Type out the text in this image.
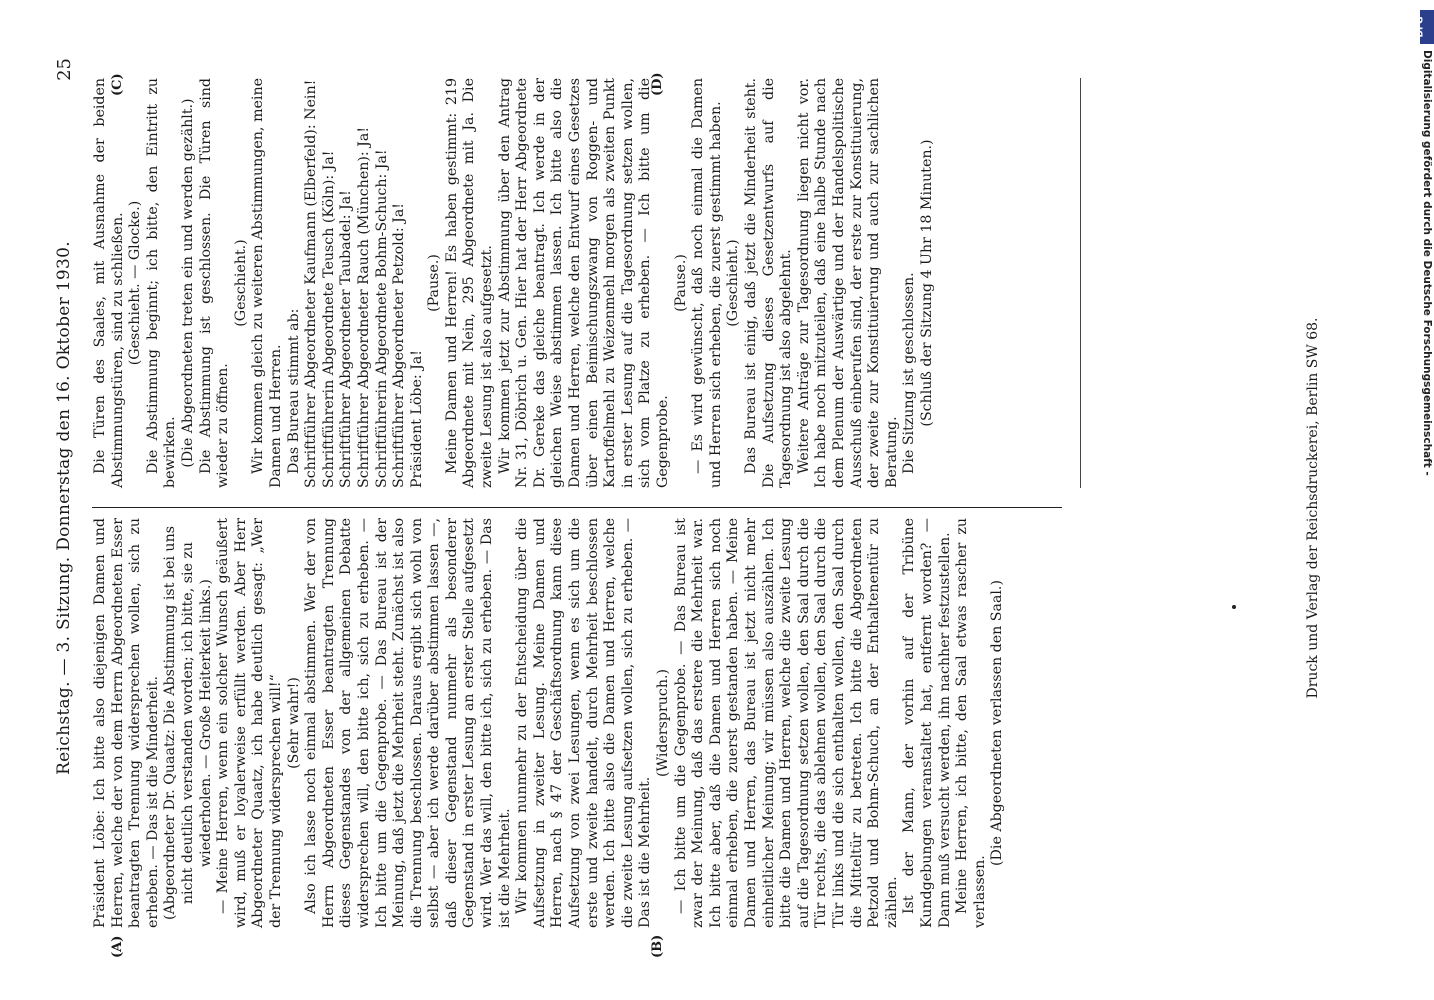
Reichstag. — 3. Sitzung. Donnerstag den 16. Oktober 1930.
25
(A)	(B)
(C)	(D)

Präsident Löbe: Ich bitte also diejenigen Damen und Herren, welche der von dem Herrn Abgeordneten Esser beantragten Trennung widersprechen wollen, sich zu erheben. — Das ist die Minderheit. (Abgeordneter Dr. Quaatz: Die Abstimmung ist bei uns nicht deutlich verstanden worden; ich bitte, sie zu wiederholen. — Große Heiterkeit links.) — Meine Herren, wenn ein solcher Wunsch geäußert wird, muß er loyalerweise erfüllt werden. Aber Herr Abgeordneter Quaatz, ich habe deutlich gesagt: „Wer der Trennung widersprechen will!“ (Sehr wahr!) Also ich lasse noch einmal abstimmen. Wer der von Herrn Abgeordneten Esser beantragten Trennung dieses Gegenstandes von der allgemeinen Debatte widersprechen will, den bitte ich, sich zu erheben. — Ich bitte um die Gegenprobe. — Das Bureau ist der Meinung, daß jetzt die Mehrheit steht. Zunächst ist also die Trennung beschlossen. Daraus ergibt sich wohl von selbst — aber ich werde darüber abstimmen lassen —, daß dieser Gegenstand nunmehr als besonderer Gegenstand in erster Lesung an erster Stelle aufgesetzt wird. Wer das will, den bitte ich, sich zu erheben. — Das ist die Mehrheit. Wir kommen nunmehr zu der Entscheidung über die Aufsetzung in zweiter Lesung. Meine Damen und Herren, nach § 47 der Geschäftsordnung kann diese Aufsetzung von zwei Lesungen, wenn es sich um die erste und zweite handelt, durch Mehrheit beschlossen werden. Ich bitte also die Damen und Herren, welche die zweite Lesung aufsetzen wollen, sich zu erheben. — Das ist die Mehrheit.

(Widerspruch.) — Ich bitte um die Gegenprobe. — Das Bureau ist zwar der Meinung, daß das erstere die Mehrheit war. Ich bitte aber, daß die Damen und Herren sich noch einmal erheben, die zuerst gestanden haben. — Meine Damen und Herren, das Bureau ist jetzt nicht mehr einheitlicher Meinung; wir müssen also auszählen. Ich bitte die Damen und Herren, welche die zweite Lesung auf die Tagesordnung setzen wollen, den Saal durch die Tür rechts, die das ablehnen wollen, den Saal durch die Tür links und die sich enthalten wollen, den Saal durch die Mitteltür zu betreten. Ich bitte die Abgeordneten Petzold und Bohm-Schuch, an der Enthaltenentür zu zählen. Ist der Mann, der vorhin auf der Tribüne Kundgebungen veranstaltet hat, entfernt worden? — Dann muß versucht werden, ihn nachher festzustellen. Meine Herren, ich bitte, den Saal etwas rascher zu verlassen.

(Die Abgeordneten verlassen den Saal.)

Die Türen des Saales, mit Ausnahme der beiden Abstimmungstüren, sind zu schließen. (Geschieht. — Glocke.) Die Abstimmung beginnt; ich bitte, den Eintritt zu bewirken. (Die Abgeordneten treten ein und werden gezählt.) Die Abstimmung ist geschlossen. Die Türen sind wieder zu öffnen.

(Geschieht.) Wir kommen gleich zu weiteren Abstimmungen, meine Damen und Herren. Das Bureau stimmt ab: Schriftführer Abgeordneter Kaufmann (Elberfeld): Nein! Schriftführerin Abgeordnete Teusch (Köln): Ja! Schriftführer Abgeordneter Taubadel: Ja! Schriftführer Abgeordneter Rauch (München): Ja! Schriftführerin Abgeordnete Bohm-Schuch: Ja! Schriftführer Abgeordneter Petzold: Ja! Präsident Löbe: Ja!

(Pause.) Meine Damen und Herren! Es haben gestimmt: 219 Abgeordnete mit Nein, 295 Abgeordnete mit Ja. Die zweite Lesung ist also aufgesetzt. Wir kommen jetzt zur Abstimmung über den Antrag Nr. 31, Döbrich u. Gen. Hier hat der Herr Abgeordnete Dr. Gereke das gleiche beantragt. Ich werde in der gleichen Weise abstimmen lassen. Ich bitte also die Damen und Herren, welche den Entwurf eines Gesetzes über einen Beimischungszwang von Roggen- und Kartoffelmehl zu Weizenmehl morgen als zweiten Punkt in erster Lesung auf die Tagesordnung setzen wollen, sich vom Platze zu erheben. — Ich bitte um die Gegenprobe.

(Pause.) — Es wird gewünscht, daß noch einmal die Damen und Herren sich erheben, die zuerst gestimmt haben. (Geschieht.) Das Bureau ist einig, daß jetzt die Minderheit steht. Die Aufsetzung dieses Gesetzentwurfs auf die Tagesordnung ist also abgelehnt. Weitere Anträge zur Tagesordnung liegen nicht vor. Ich habe noch mitzuteilen, daß eine halbe Stunde nach dem Plenum der Auswärtige und der Handelspolitische Ausschuß einberufen sind, der erste zur Konstituierung, der zweite zur Konstituierung und auch zur sachlichen Beratung. Die Sitzung ist geschlossen. (Schluß der Sitzung 4 Uhr 18 Minuten.)

Druck und Verlag der Reichsdruckerei, Berlin SW 68.
DFG
Digitalisierung gefördert durch die Deutsche Forschungsgemeinschaft -
